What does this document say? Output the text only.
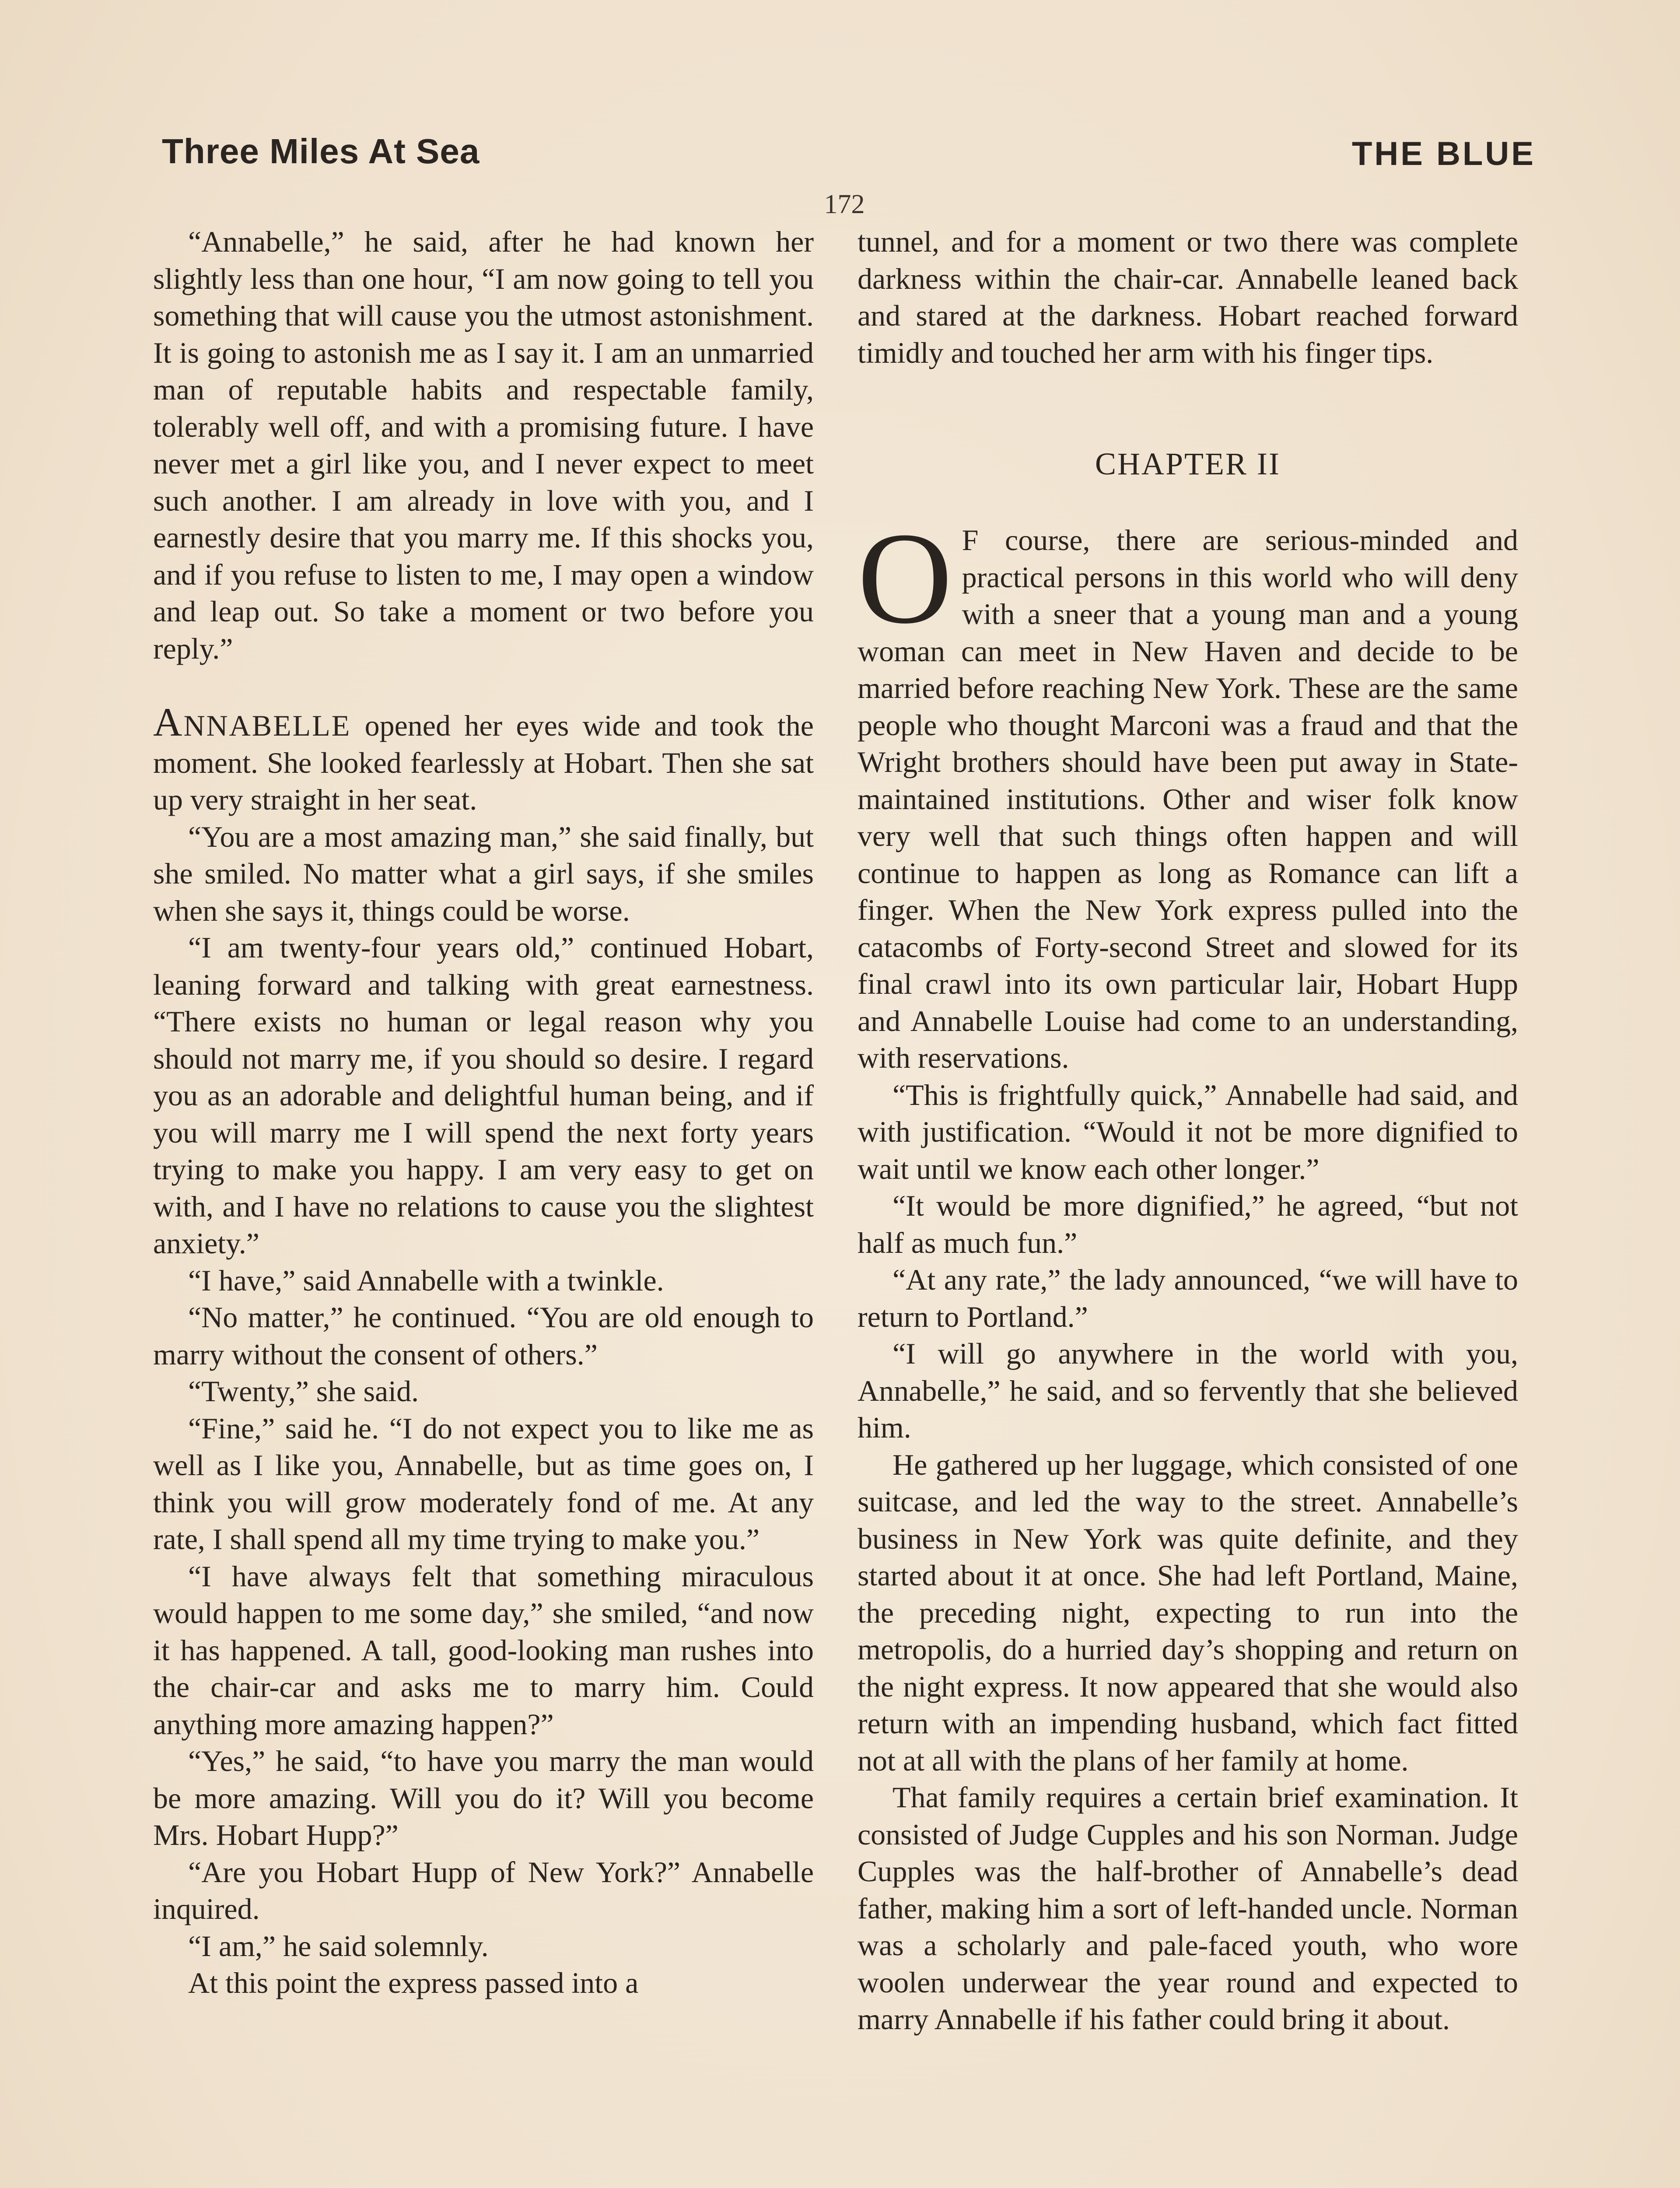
Three Miles At Sea	THE BLUE
172

“Annabelle,” he said, after he had known her slightly less than one hour, “I am now going to tell you something that will cause you the utmost astonishment. It is going to astonish me as I say it. I am an unmarried man of reputable habits and respectable family, tolerably well off, and with a promising future. I have never met a girl like you, and I never expect to meet such another. I am already in love with you, and I earnestly desire that you marry me. If this shocks you, and if you refuse to listen to me, I may open a window and leap out. So take a moment or two before you reply.”

ANNABELLE opened her eyes wide and took the moment. She looked fearlessly at Hobart. Then she sat up very straight in her seat.

“You are a most amazing man,” she said finally, but she smiled. No matter what a girl says, if she smiles when she says it, things could be worse.

“I am twenty-four years old,” continued Hobart, leaning forward and talking with great earnestness. “There exists no human or legal reason why you should not marry me, if you should so desire. I regard you as an adorable and delightful human being, and if you will marry me I will spend the next forty years trying to make you happy. I am very easy to get on with, and I have no relations to cause you the slightest anxiety.”

“I have,” said Annabelle with a twinkle.

“No matter,” he continued. “You are old enough to marry without the consent of others.”

“Twenty,” she said.

“Fine,” said he. “I do not expect you to like me as well as I like you, Annabelle, but as time goes on, I think you will grow moderately fond of me. At any rate, I shall spend all my time trying to make you.”

“I have always felt that something miraculous would happen to me some day,” she smiled, “and now it has happened. A tall, good-looking man rushes into the chair-car and asks me to marry him. Could anything more amazing happen?”

“Yes,” he said, “to have you marry the man would be more amazing. Will you do it? Will you become Mrs. Hobart Hupp?”

“Are you Hobart Hupp of New York?” Annabelle inquired.

“I am,” he said solemnly.

At this point the express passed into a

tunnel, and for a moment or two there was complete darkness within the chair-car. Annabelle leaned back and stared at the darkness. Hobart reached forward timidly and touched her arm with his finger tips.

CHAPTER II

O F course, there are serious-minded and practical persons in this world who will deny with a sneer that a young man and a young woman can meet in New Haven and decide to be married before reaching New York. These are the same people who thought Marconi was a fraud and that the Wright brothers should have been put away in State-maintained institutions. Other and wiser folk know very well that such things often happen and will continue to happen as long as Romance can lift a finger. When the New York express pulled into the catacombs of Forty-second Street and slowed for its final crawl into its own particular lair, Hobart Hupp and Annabelle Louise had come to an understanding, with reservations.

“This is frightfully quick,” Annabelle had said, and with justification. “Would it not be more dignified to wait until we know each other longer.”

“It would be more dignified,” he agreed, “but not half as much fun.”

“At any rate,” the lady announced, “we will have to return to Portland.”

“I will go anywhere in the world with you, Annabelle,” he said, and so fervently that she believed him.

He gathered up her luggage, which consisted of one suitcase, and led the way to the street. Annabelle’s business in New York was quite definite, and they started about it at once. She had left Portland, Maine, the preceding night, expecting to run into the metropolis, do a hurried day’s shopping and return on the night express. It now appeared that she would also return with an impending husband, which fact fitted not at all with the plans of her family at home.

That family requires a certain brief examination. It consisted of Judge Cupples and his son Norman. Judge Cupples was the half-brother of Annabelle’s dead father, making him a sort of left-handed uncle. Norman was a scholarly and pale-faced youth, who wore woolen underwear the year round and expected to marry Annabelle if his father could bring it about.
